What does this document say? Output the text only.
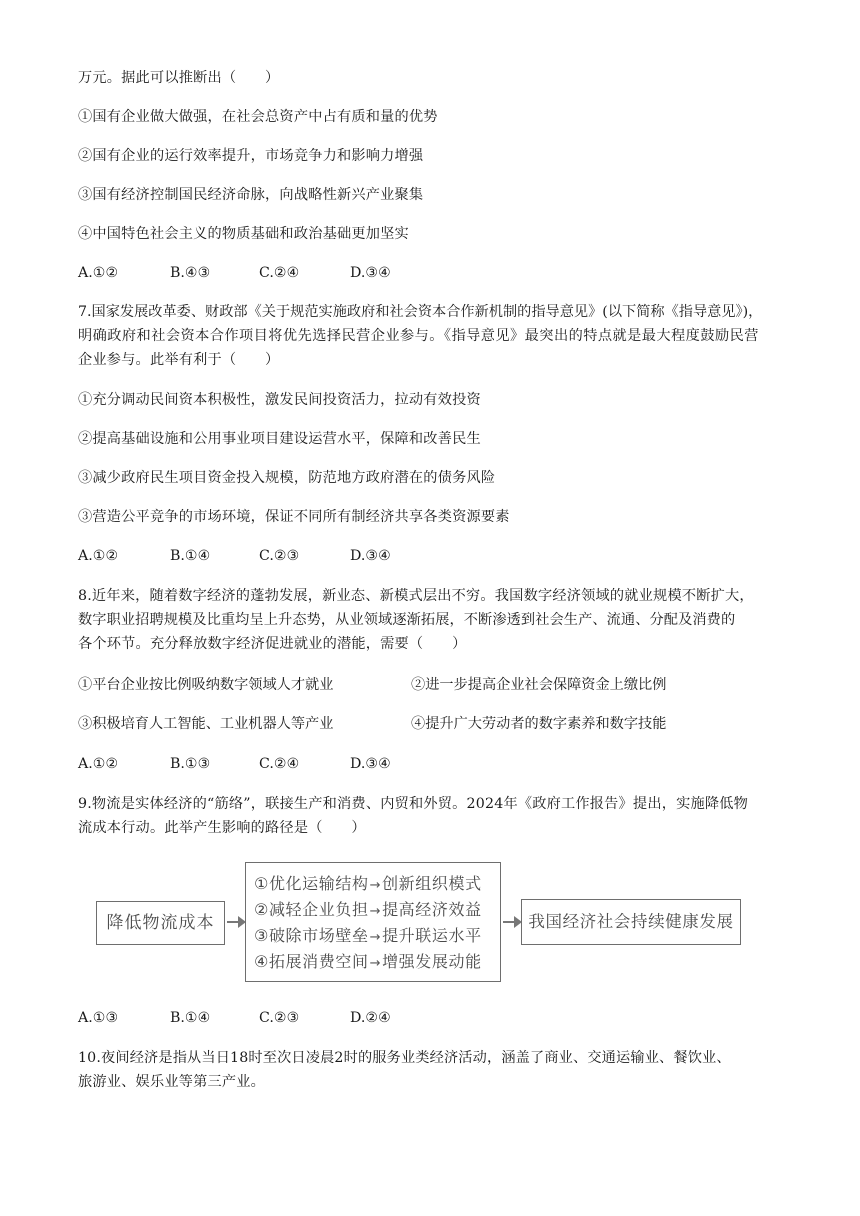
万元。据此可以推断出（　　）
①国有企业做大做强，在社会总资产中占有质和量的优势
②国有企业的运行效率提升，市场竞争力和影响力增强
③国有经济控制国民经济命脉，向战略性新兴产业聚集
④中国特色社会主义的物质基础和政治基础更加坚实
A.①②	B.④③	C.②④	D.③④
7.国家发展改革委、财政部《关于规范实施政府和社会资本合作新机制的指导意见》(以下简称《指导意见》)，
明确政府和社会资本合作项目将优先选择民营企业参与。《指导意见》最突出的特点就是最大程度鼓励民营
企业参与。此举有利于（　　）
①充分调动民间资本积极性，激发民间投资活力，拉动有效投资
②提高基础设施和公用事业项目建设运营水平，保障和改善民生
③减少政府民生项目资金投入规模，防范地方政府潜在的债务风险
③营造公平竞争的市场环境，保证不同所有制经济共享各类资源要素
A.①②	B.①④	C.②③	D.③④
8.近年来，随着数字经济的蓬勃发展，新业态、新模式层出不穷。我国数字经济领域的就业规模不断扩大，
数字职业招聘规模及比重均呈上升态势，从业领域逐渐拓展，不断渗透到社会生产、流通、分配及消费的
各个环节。充分释放数字经济促进就业的潜能，需要（　　）
①平台企业按比例吸纳数字领域人才就业	②进一步提高企业社会保障资金上缴比例
③积极培育人工智能、工业机器人等产业	④提升广大劳动者的数字素养和数字技能
A.①②	B.①③	C.②④	D.③④
9.物流是实体经济的“筋络”，联接生产和消费、内贸和外贸。2024年《政府工作报告》提出，实施降低物
流成本行动。此举产生影响的路径是（　　）
降低物流成本
①优化运输结构→创新组织模式
②减轻企业负担→提高经济效益
③破除市场壁垒→提升联运水平
④拓展消费空间→增强发展动能
我国经济社会持续健康发展
A.①③	B.①④	C.②③	D.②④
10.夜间经济是指从当日18时至次日凌晨2时的服务业类经济活动，涵盖了商业、交通运输业、餐饮业、
旅游业、娱乐业等第三产业。
